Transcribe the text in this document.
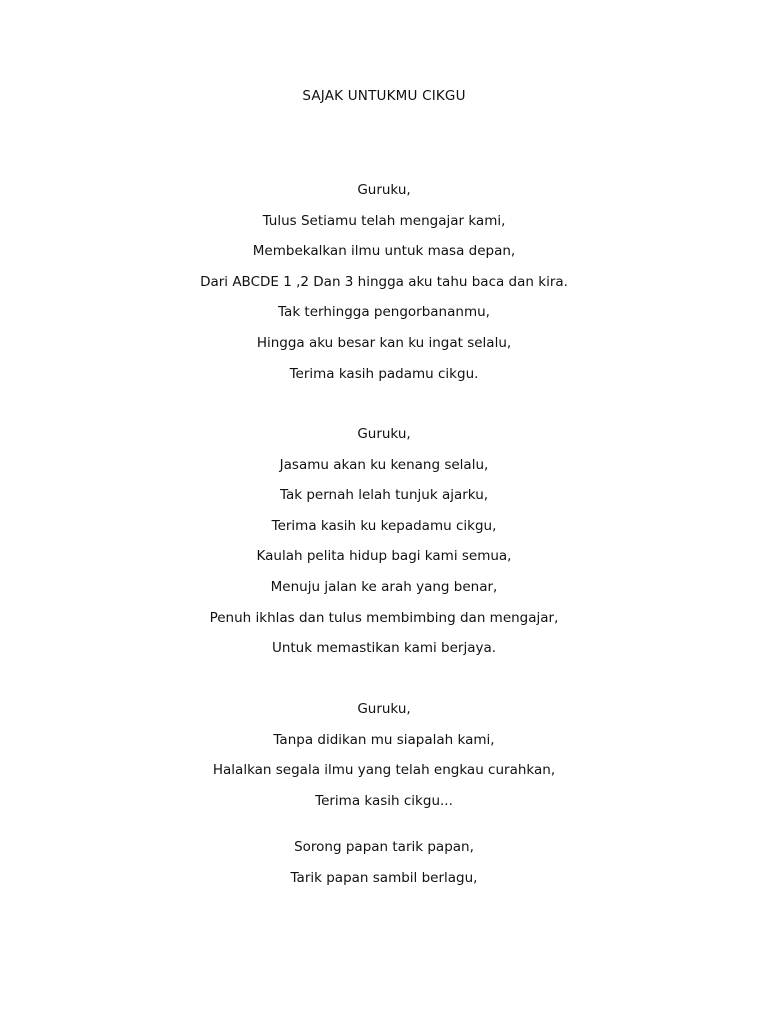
SAJAK UNTUKMU CIKGU
Guruku,
Tulus Setiamu telah mengajar kami,
Membekalkan ilmu untuk masa depan,
Dari ABCDE 1 ,2 Dan 3 hingga aku tahu baca dan kira.
Tak terhingga pengorbananmu,
Hingga aku besar kan ku ingat selalu,
Terima kasih padamu cikgu.
Guruku,
Jasamu akan ku kenang selalu,
Tak pernah lelah tunjuk ajarku,
Terima kasih ku kepadamu cikgu,
Kaulah pelita hidup bagi kami semua,
Menuju jalan ke arah yang benar,
Penuh ikhlas dan tulus membimbing dan mengajar,
Untuk memastikan kami berjaya.
Guruku,
Tanpa didikan mu siapalah kami,
Halalkan segala ilmu yang telah engkau curahkan,
Terima kasih cikgu...
Sorong papan tarik papan,
Tarik papan sambil berlagu,
